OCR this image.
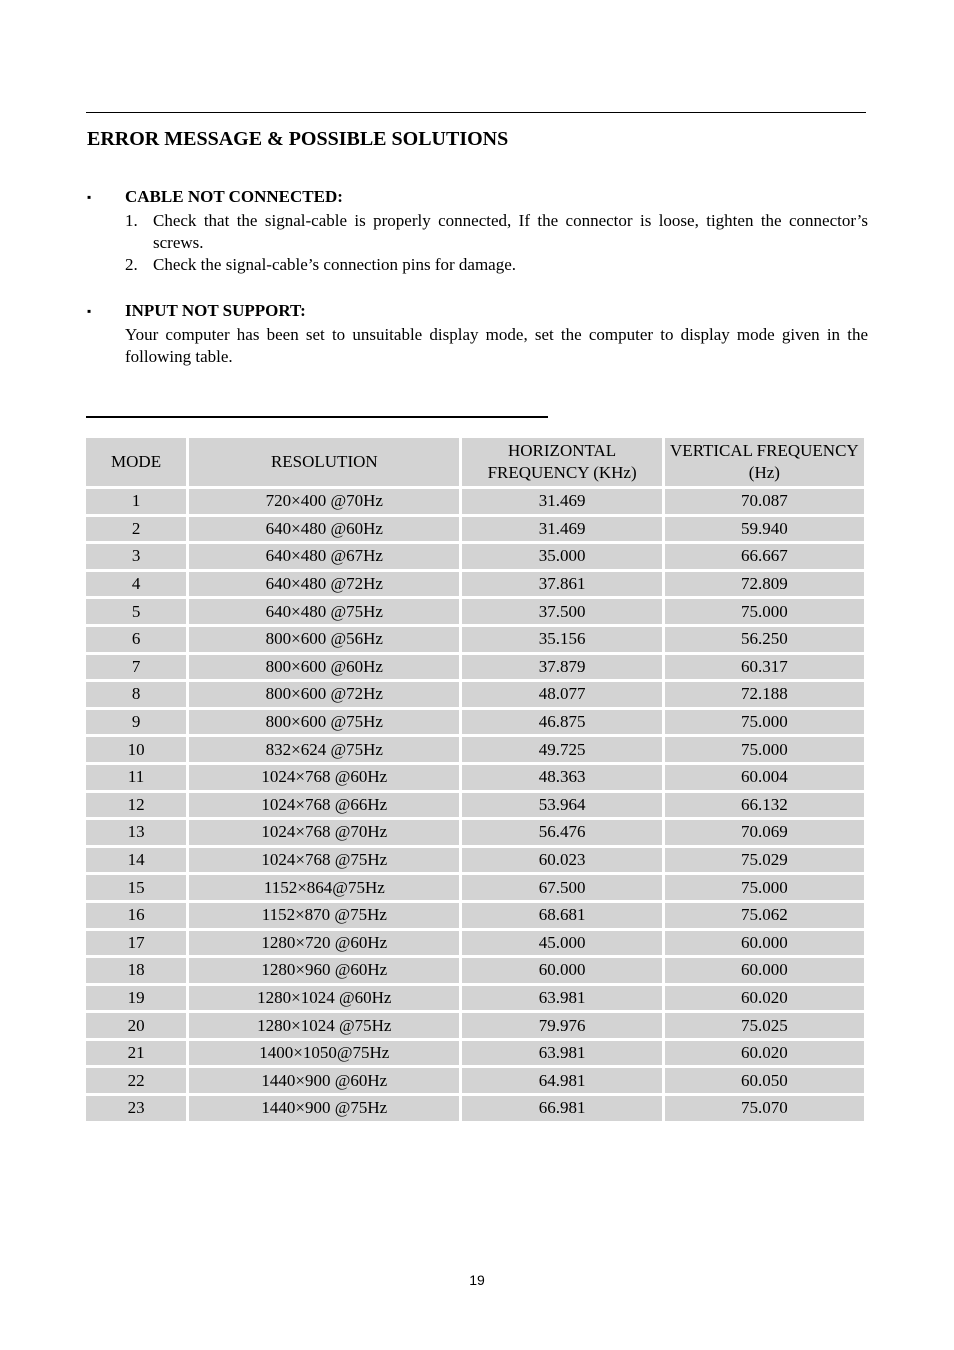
ERROR MESSAGE & POSSIBLE SOLUTIONS
▪	CABLE NOT CONNECTED:
1. Check that the signal-cable is properly connected, If the connector is loose, tighten the connector’s screws.
2. Check the signal-cable’s connection pins for damage.
▪	INPUT NOT SUPPORT:

Your computer has been set to unsuitable display mode, set the computer to display mode given in the following table.

MODE	RESOLUTION	HORIZONTAL FREQUENCY (KHz)	VERTICAL FREQUENCY (Hz)
1	720×400 @70Hz	31.469	70.087
2	640×480 @60Hz	31.469	59.940
3	640×480 @67Hz	35.000	66.667
4	640×480 @72Hz	37.861	72.809
5	640×480 @75Hz	37.500	75.000
6	800×600 @56Hz	35.156	56.250
7	800×600 @60Hz	37.879	60.317
8	800×600 @72Hz	48.077	72.188
9	800×600 @75Hz	46.875	75.000
10	832×624 @75Hz	49.725	75.000
11	1024×768 @60Hz	48.363	60.004
12	1024×768 @66Hz	53.964	66.132
13	1024×768 @70Hz	56.476	70.069
14	1024×768 @75Hz	60.023	75.029
15	1152×864@75Hz	67.500	75.000
16	1152×870 @75Hz	68.681	75.062
17	1280×720 @60Hz	45.000	60.000
18	1280×960 @60Hz	60.000	60.000
19	1280×1024 @60Hz	63.981	60.020
20	1280×1024 @75Hz	79.976	75.025
21	1400×1050@75Hz	63.981	60.020
22	1440×900 @60Hz	64.981	60.050
23	1440×900 @75Hz	66.981	75.070
19
